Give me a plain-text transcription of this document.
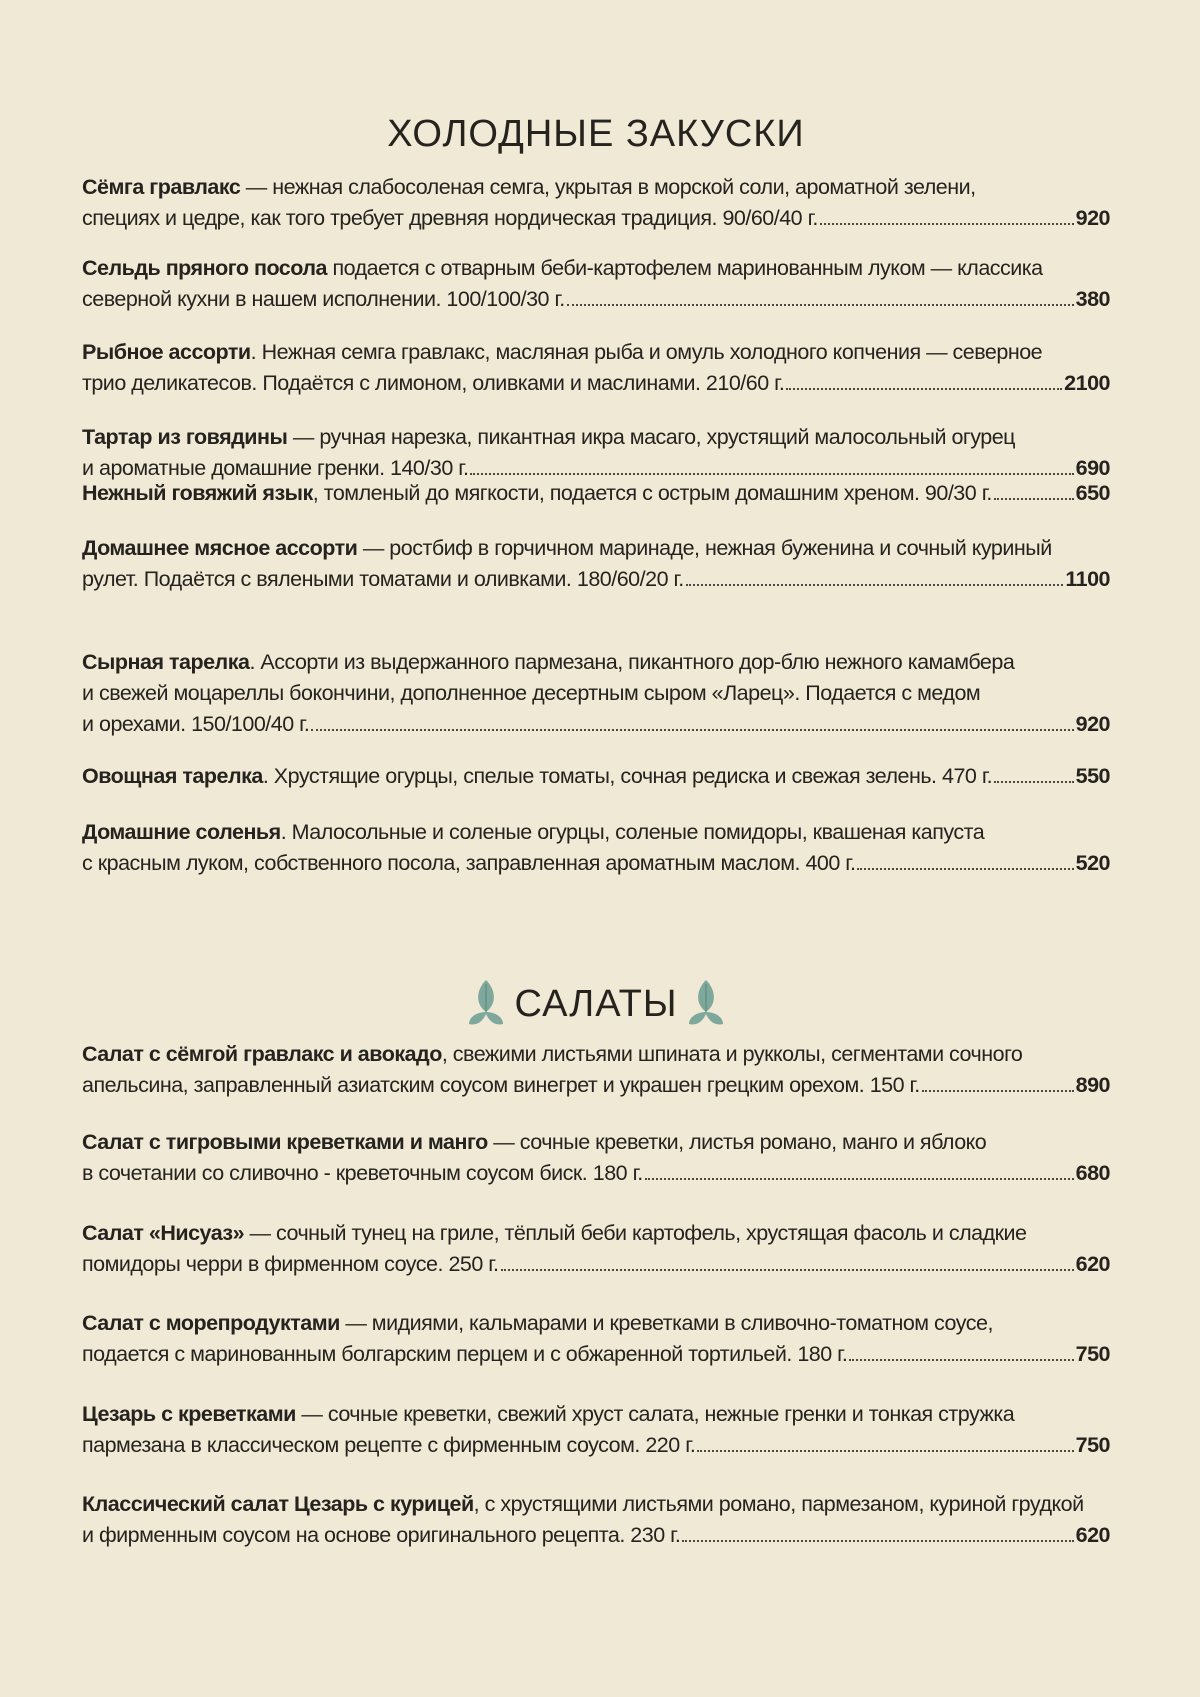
ХОЛОДНЫЕ ЗАКУСКИ
Сёмга гравлакс — нежная слабосоленая семга, укрытая в морской соли, ароматной зелени,
специях и цедре, как того требует древняя нордическая традиция. 90/60/40 г.	920
Сельдь пряного посола подается с отварным беби-картофелем маринованным луком — классика
северной кухни в нашем исполнении. 100/100/30 г.	380
Рыбное ассорти. Нежная семга гравлакс, масляная рыба и омуль холодного копчения — северное
трио деликатесов. Подаётся с лимоном, оливками и маслинами. 210/60 г.	2100
Тартар из говядины — ручная нарезка, пикантная икра масаго, хрустящий малосольный огурец
и ароматные домашние гренки. 140/30 г.	690
Нежный говяжий язык, томленый до мягкости, подается с острым домашним хреном. 90/30 г.	650
Домашнее мясное ассорти — ростбиф в горчичном маринаде, нежная буженина и сочный куриный
рулет. Подаётся с вялеными томатами и оливками. 180/60/20 г.	1100
Сырная тарелка. Ассорти из выдержанного пармезана, пикантного дор-блю нежного камамбера
и свежей моцареллы бокончини, дополненное десертным сыром «Ларец». Подается с медом
и орехами. 150/100/40 г.	920
Овощная тарелка. Хрустящие огурцы, спелые томаты, сочная редиска и свежая зелень. 470 г.	550
Домашние соленья. Малосольные и соленые огурцы, соленые помидоры, квашеная капуста
с красным луком, собственного посола, заправленная ароматным маслом. 400 г.	520
САЛАТЫ
Салат с сёмгой гравлакс и авокадо, свежими листьями шпината и рукколы, сегментами сочного
апельсина, заправленный азиатским соусом винегрет и украшен грецким орехом. 150 г.	890
Салат с тигровыми креветками и манго — сочные креветки, листья романо, манго и яблоко
в сочетании со сливочно - креветочным соусом биск. 180 г.	680
Салат «Нисуаз» — сочный тунец на гриле, тёплый беби картофель, хрустящая фасоль и сладкие
помидоры черри в фирменном соусе. 250 г.	620
Салат с морепродуктами — мидиями, кальмарами и креветками в сливочно-томатном соусе,
подается с маринованным болгарским перцем и с обжаренной тортильей. 180 г.	750
Цезарь с креветками — сочные креветки, свежий хруст салата, нежные гренки и тонкая стружка
пармезана в классическом рецепте с фирменным соусом. 220 г.	750
Классический салат Цезарь с курицей, с хрустящими листьями романо, пармезаном, куриной грудкой
и фирменным соусом на основе оригинального рецепта. 230 г.	620
